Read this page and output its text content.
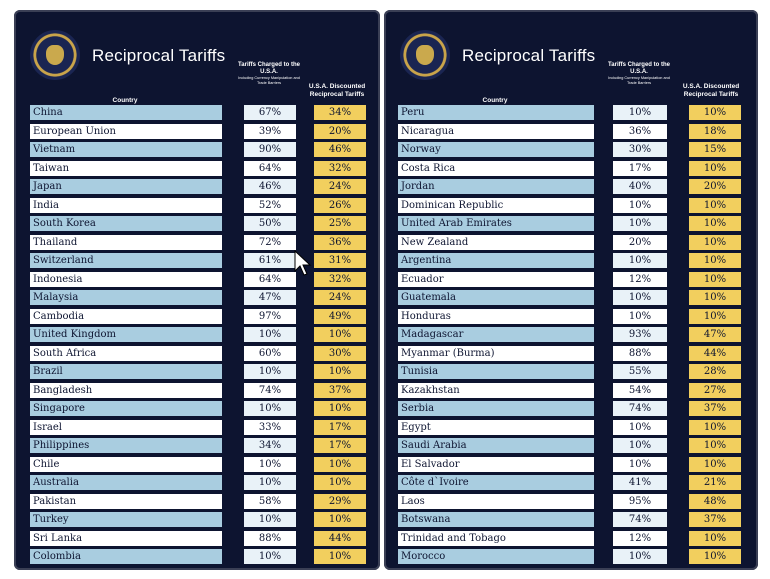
Reciprocal Tariffs
Country
Tariffs Charged to the U.S.A.
Including Currency Manipulation and Trade Barriers
U.S.A. Discounted Reciprocal Tariffs
China	67%	34%
European Union	39%	20%
Vietnam	90%	46%
Taiwan	64%	32%
Japan	46%	24%
India	52%	26%
South Korea	50%	25%
Thailand	72%	36%
Switzerland	61%	31%
Indonesia	64%	32%
Malaysia	47%	24%
Cambodia	97%	49%
United Kingdom	10%	10%
South Africa	60%	30%
Brazil	10%	10%
Bangladesh	74%	37%
Singapore	10%	10%
Israel	33%	17%
Philippines	34%	17%
Chile	10%	10%
Australia	10%	10%
Pakistan	58%	29%
Turkey	10%	10%
Sri Lanka	88%	44%
Colombia	10%	10%
Reciprocal Tariffs
Country
Tariffs Charged to the U.S.A.
Including Currency Manipulation and Trade Barriers
U.S.A. Discounted Reciprocal Tariffs
Peru	10%	10%
Nicaragua	36%	18%
Norway	30%	15%
Costa Rica	17%	10%
Jordan	40%	20%
Dominican Republic	10%	10%
United Arab Emirates	10%	10%
New Zealand	20%	10%
Argentina	10%	10%
Ecuador	12%	10%
Guatemala	10%	10%
Honduras	10%	10%
Madagascar	93%	47%
Myanmar (Burma)	88%	44%
Tunisia	55%	28%
Kazakhstan	54%	27%
Serbia	74%	37%
Egypt	10%	10%
Saudi Arabia	10%	10%
El Salvador	10%	10%
Côte d`Ivoire	41%	21%
Laos	95%	48%
Botswana	74%	37%
Trinidad and Tobago	12%	10%
Morocco	10%	10%
